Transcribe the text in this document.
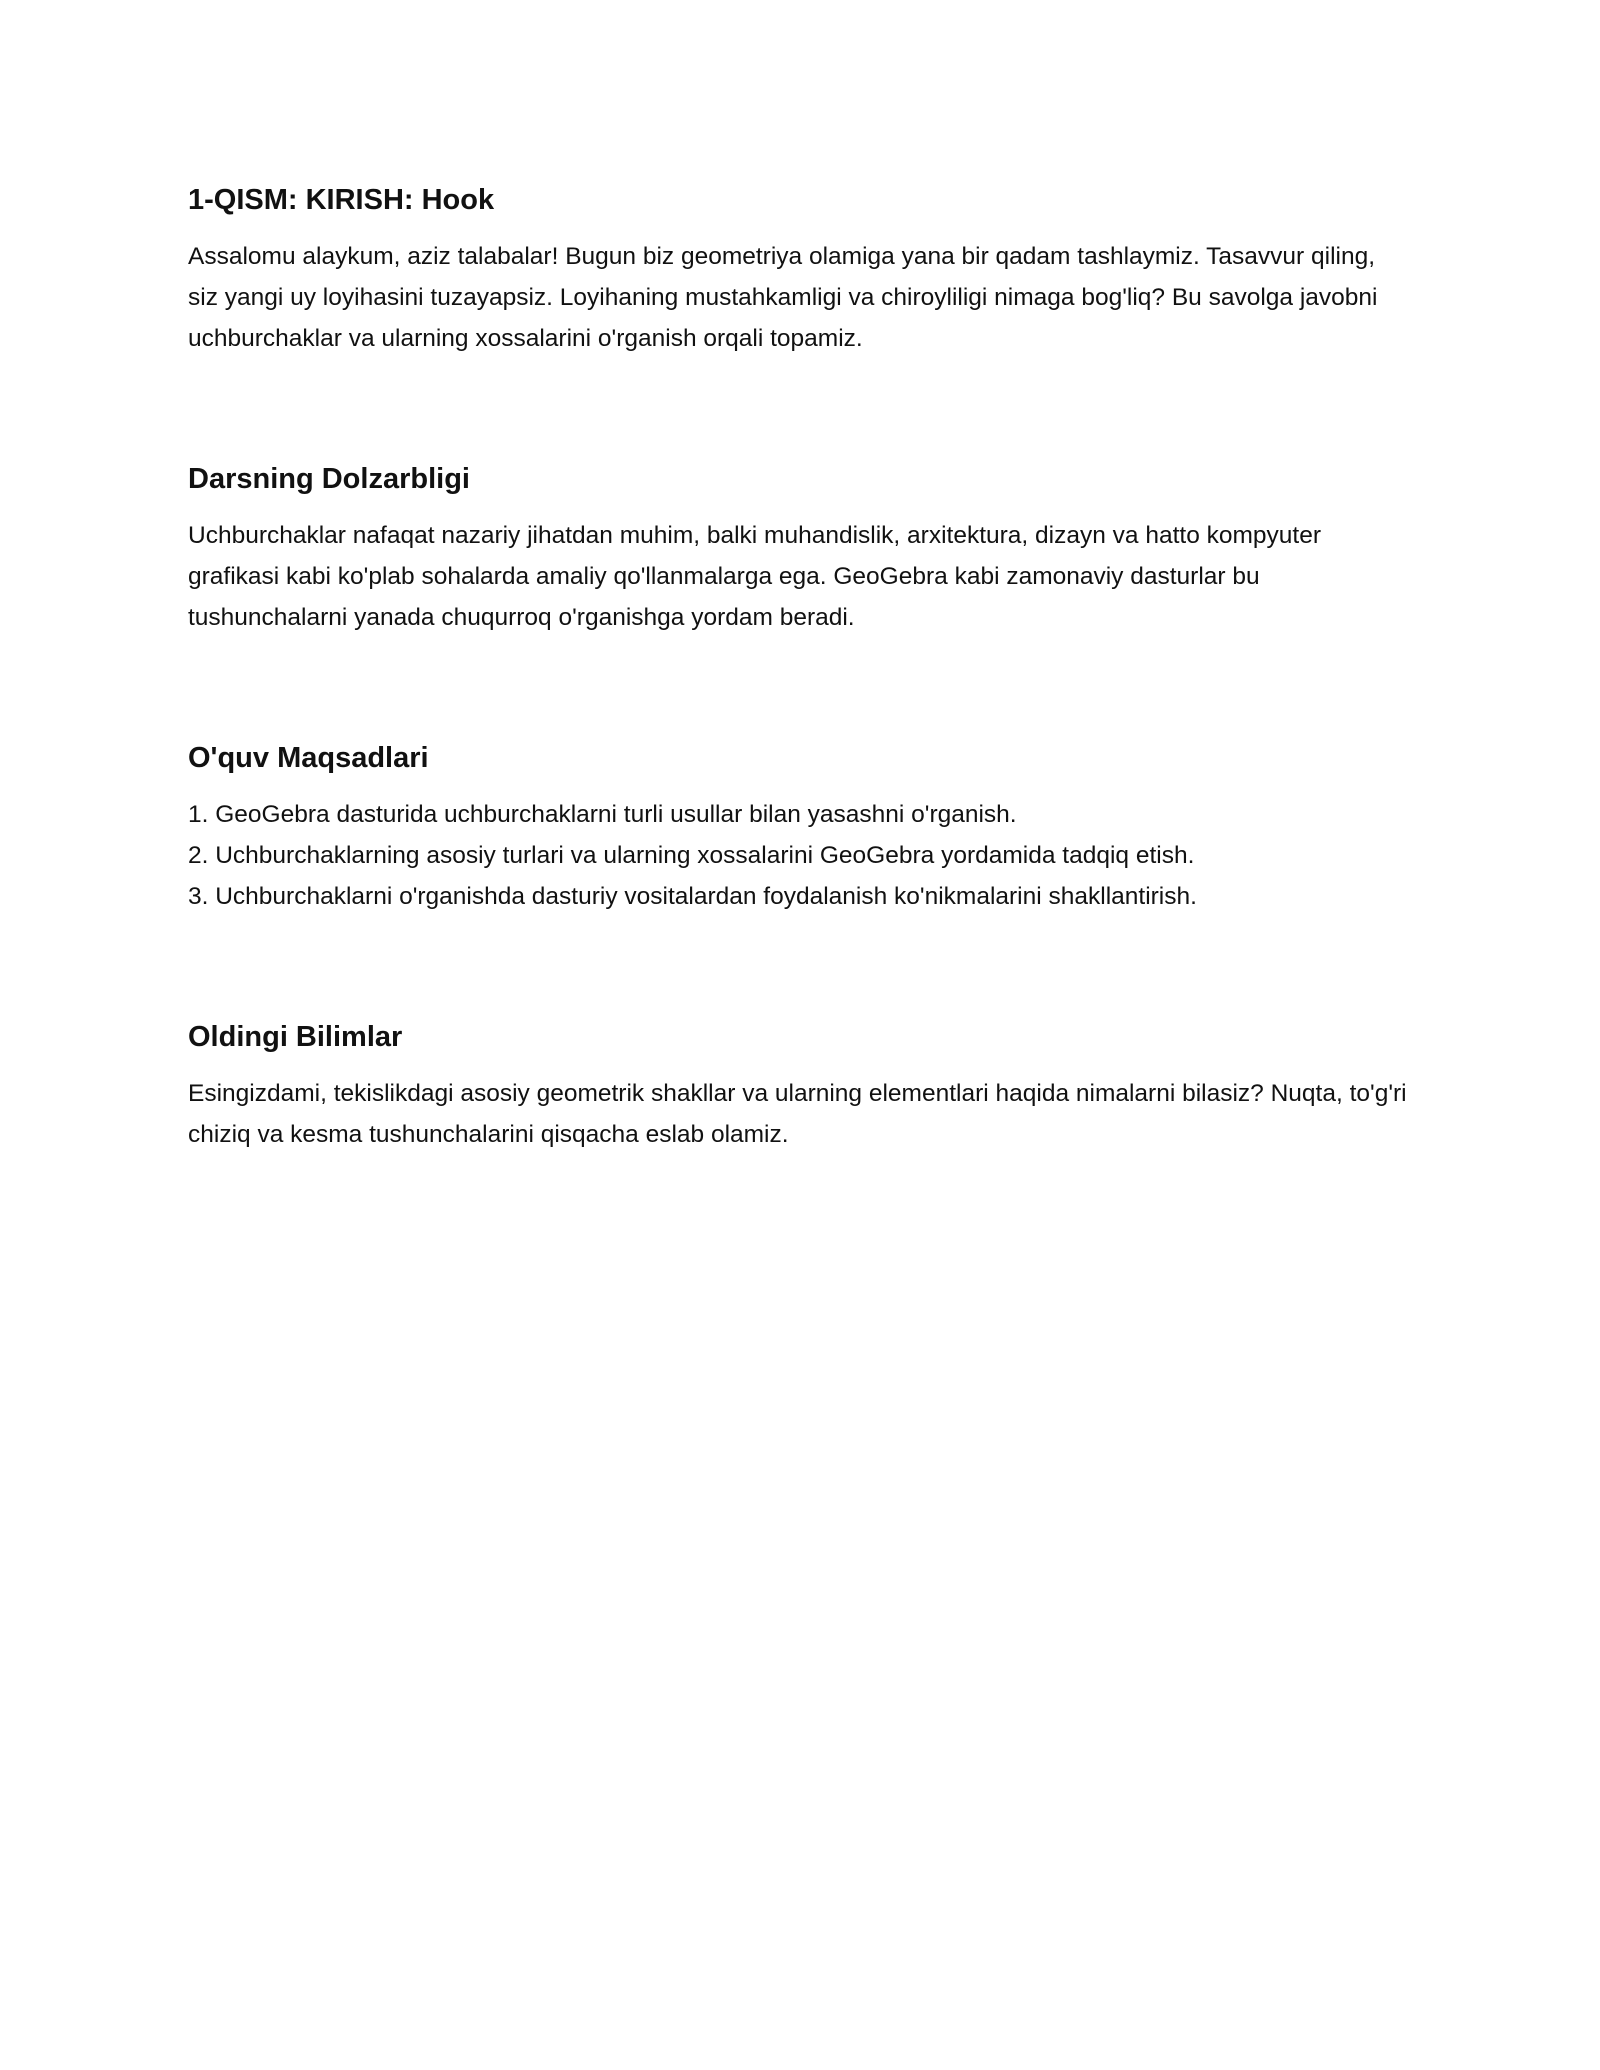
1-QISM: KIRISH: Hook

Assalomu alaykum, aziz talabalar! Bugun biz geometriya olamiga yana bir qadam tashlaymiz. Tasavvur qiling, siz yangi uy loyihasini tuzayapsiz. Loyihaning mustahkamligi va chiroyliligi nimaga bog'liq? Bu savolga javobni uchburchaklar va ularning xossalarini o'rganish orqali topamiz.

Darsning Dolzarbligi

Uchburchaklar nafaqat nazariy jihatdan muhim, balki muhandislik, arxitektura, dizayn va hatto kompyuter grafikasi kabi ko'plab sohalarda amaliy qo'llanmalarga ega. GeoGebra kabi zamonaviy dasturlar bu tushunchalarni yanada chuqurroq o'rganishga yordam beradi.

O'quv Maqsadlari
1. GeoGebra dasturida uchburchaklarni turli usullar bilan yasashni o'rganish.
2. Uchburchaklarning asosiy turlari va ularning xossalarini GeoGebra yordamida tadqiq etish.
3. Uchburchaklarni o'rganishda dasturiy vositalardan foydalanish ko'nikmalarini shakllantirish.
Oldingi Bilimlar

Esingizdami, tekislikdagi asosiy geometrik shakllar va ularning elementlari haqida nimalarni bilasiz? Nuqta, to'g'ri chiziq va kesma tushunchalarini qisqacha eslab olamiz.
